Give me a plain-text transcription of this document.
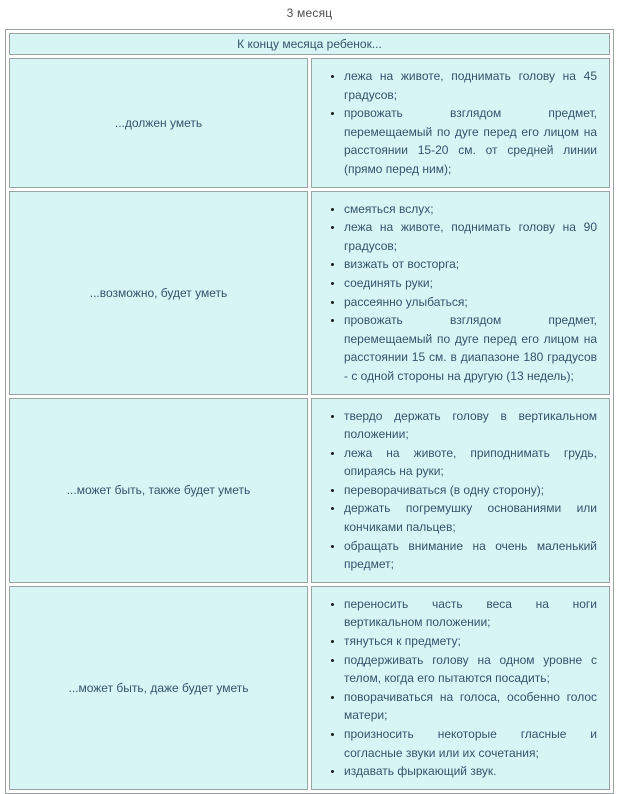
3 месяц
К концу месяца ребенок...	
...должен уметь	
• лежа на животе, поднимать голову на 45 градусов;
• провожать взглядом предмет, перемещаемый по дуге перед его лицом на расстоянии 15-20 см. от средней линии (прямо перед ним);

...возможно, будет уметь	
• смеяться вслух;
• лежа на животе, поднимать голову на 90 градусов;
• визжать от восторга;
• соединять руки;
• рассеянно улыбаться;
• провожать взглядом предмет, перемещаемый по дуге перед его лицом на расстоянии 15 см. в диапазоне 180 градусов - с одной стороны на другую (13 недель);

...может быть, также будет уметь	
• твердо держать голову в вертикальном положении;
• лежа на животе, приподнимать грудь, опираясь на руки;
• переворачиваться (в одну сторону);
• держать погремушку основаниями или кончиками пальцев;
• обращать внимание на очень маленький предмет;

...может быть, даже будет уметь	
• переносить часть веса на ноги вертикальном положении;
• тянуться к предмету;
• поддерживать голову на одном уровне с телом, когда его пытаются посадить;
• поворачиваться на голоса, особенно голос матери;
• произносить некоторые гласные и согласные звуки или их сочетания;
• издавать фыркающий звук.
